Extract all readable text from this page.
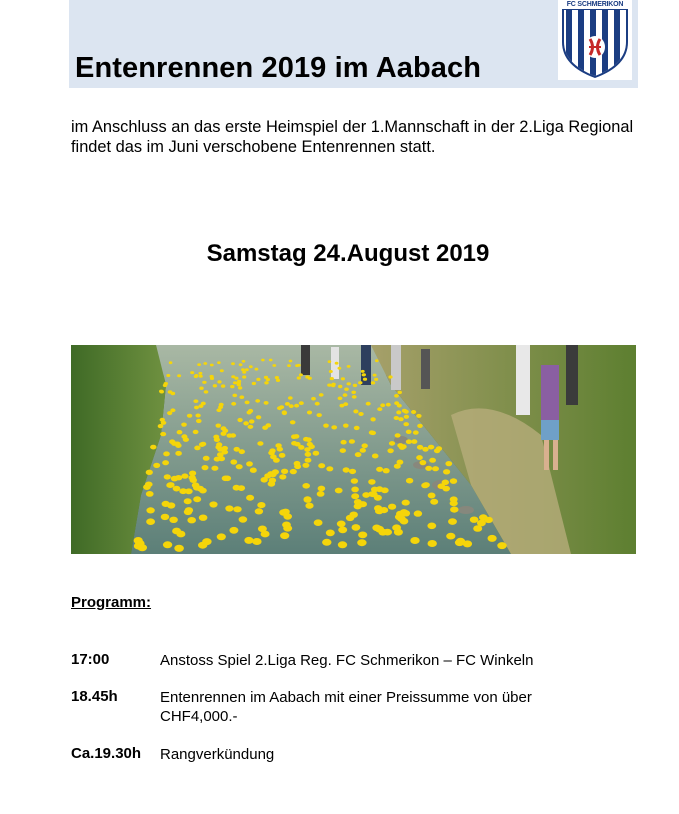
Entenrennen 2019 im Aabach
FC SCHMERIKON

im Anschluss an das erste Heimspiel der 1.Mannschaft in der 2.Liga Regional findet das im Juni verschobene Entenrennen statt.

Samstag 24.August 2019
Programm:
17:00	Anstoss Spiel 2.Liga Reg. FC Schmerikon – FC Winkeln
18.45h	Entenrennen im Aabach mit einer Preissumme von über CHF4,000.-
Ca.19.30h	Rangverkündung
